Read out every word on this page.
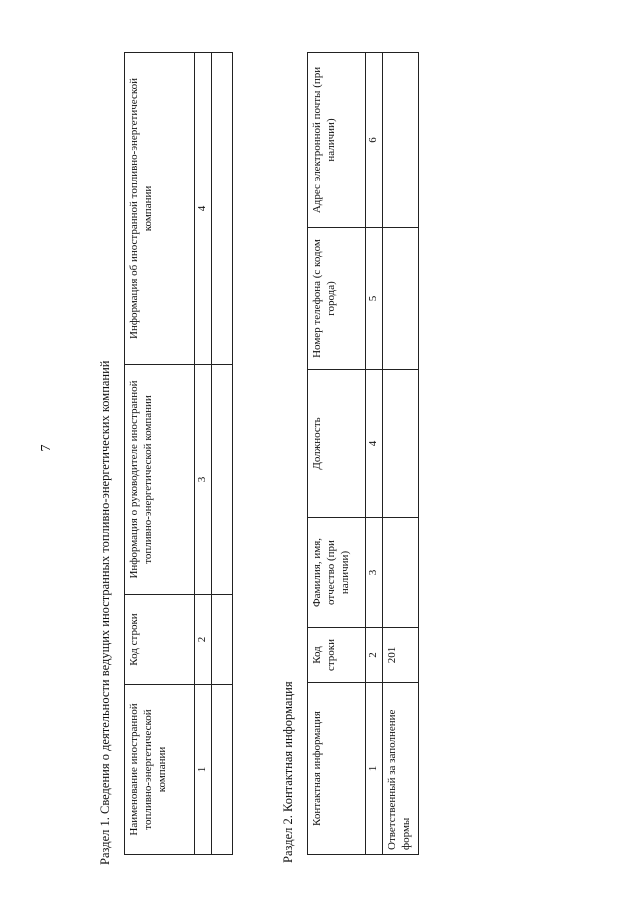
7	Раздел 1. Сведения о деятельности ведущих иностранных топливно-энергетических компаний Наименование иностранной топливно-энергетической компании	Код строки	Информация о руководителе иностранной топливно-энергетической компании	Информация об иностранной топливно-энергетической компании
1	2	3	4

Раздел 2. Контактная информация Контактная информация	Код строки	Фамилия, имя, отчество (при наличии)	Должность	Номер телефона (с кодом города)	Адрес электронной почты (при наличии)
1	2	3	4	5	6
Ответственный за заполнение формы	201				
